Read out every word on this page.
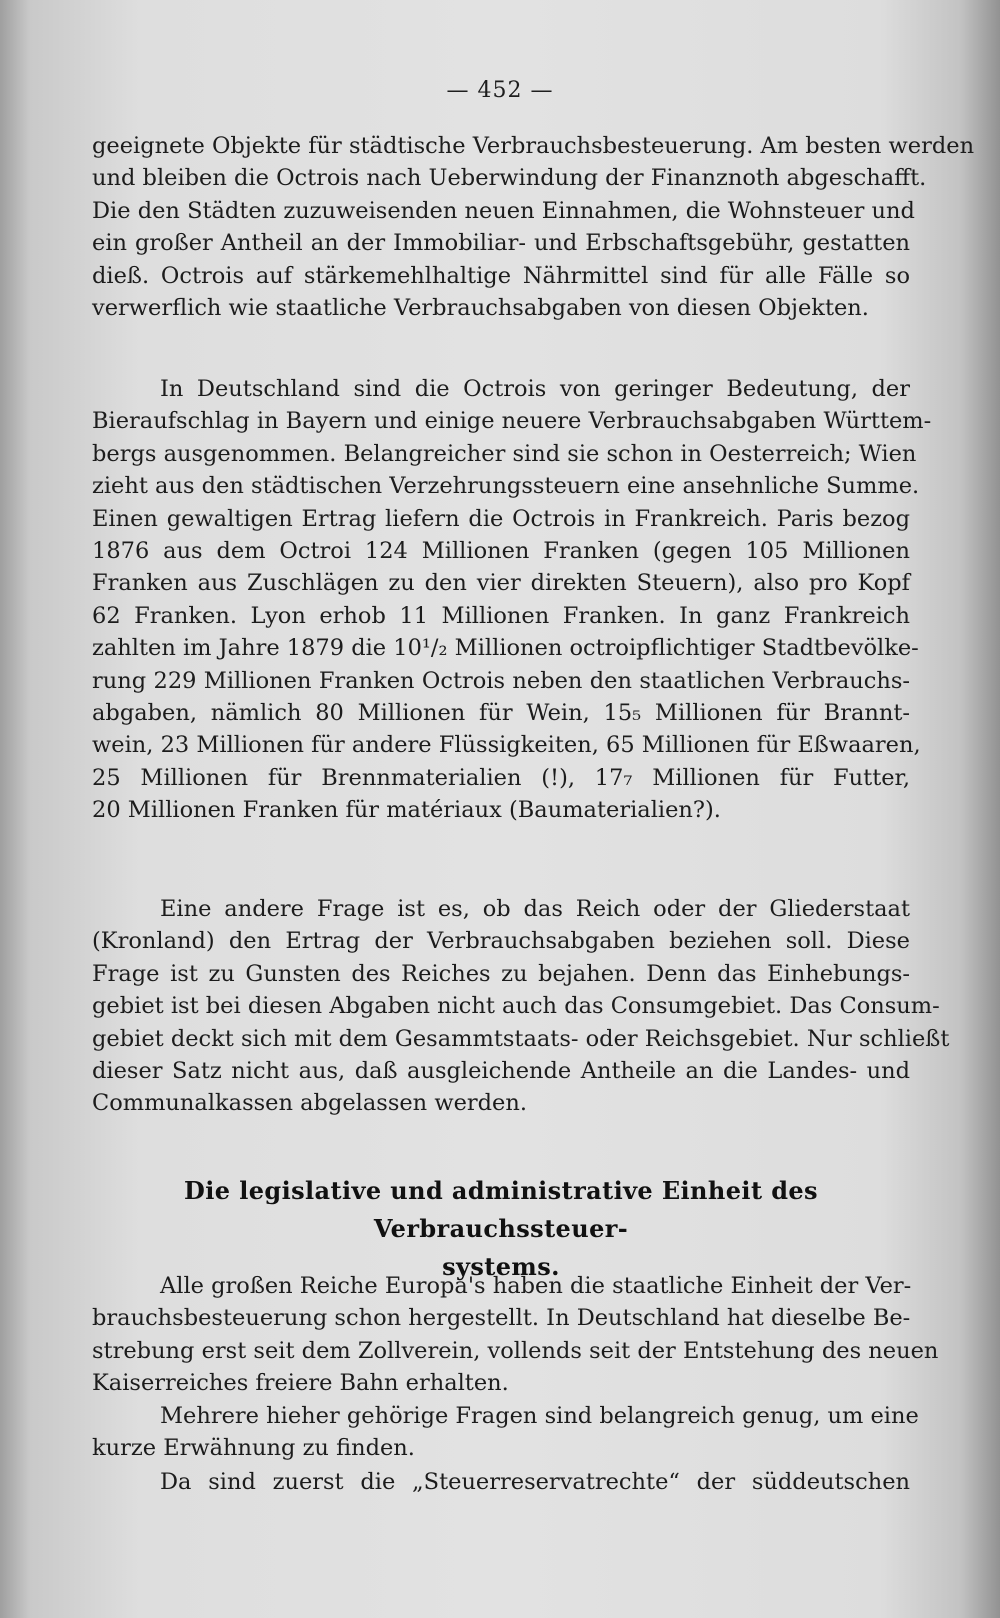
— 452 —
geeignete Objekte für städtische Verbrauchsbesteuerung. Am besten werden
und bleiben die Octrois nach Ueberwindung der Finanznoth abgeschafft.
Die den Städten zuzuweisenden neuen Einnahmen, die Wohnsteuer und
ein großer Antheil an der Immobiliar- und Erbschaftsgebühr, gestatten
dieß. Octrois auf stärkemehlhaltige Nährmittel sind für alle Fälle so
verwerflich wie staatliche Verbrauchsabgaben von diesen Objekten.
In Deutschland sind die Octrois von geringer Bedeutung, der
Bieraufschlag in Bayern und einige neuere Verbrauchsabgaben Württem-
bergs ausgenommen. Belangreicher sind sie schon in Oesterreich; Wien
zieht aus den städtischen Verzehrungssteuern eine ansehnliche Summe.
Einen gewaltigen Ertrag liefern die Octrois in Frankreich. Paris bezog
1876 aus dem Octroi 124 Millionen Franken (gegen 105 Millionen
Franken aus Zuschlägen zu den vier direkten Steuern), also pro Kopf
62 Franken. Lyon erhob 11 Millionen Franken. In ganz Frankreich
zahlten im Jahre 1879 die 10¹/₂ Millionen octroipflichtiger Stadtbevölke-
rung 229 Millionen Franken Octrois neben den staatlichen Verbrauchs-
abgaben, nämlich 80 Millionen für Wein, 15₅ Millionen für Brannt-
wein, 23 Millionen für andere Flüssigkeiten, 65 Millionen für Eßwaaren,
25 Millionen für Brennmaterialien (!), 17₇ Millionen für Futter,
20 Millionen Franken für matériaux (Baumaterialien?).
Eine andere Frage ist es, ob das Reich oder der Gliederstaat
(Kronland) den Ertrag der Verbrauchsabgaben beziehen soll. Diese
Frage ist zu Gunsten des Reiches zu bejahen. Denn das Einhebungs-
gebiet ist bei diesen Abgaben nicht auch das Consumgebiet. Das Consum-
gebiet deckt sich mit dem Gesammtstaats- oder Reichsgebiet. Nur schließt
dieser Satz nicht aus, daß ausgleichende Antheile an die Landes- und
Communalkassen abgelassen werden.
Die legislative und administrative Einheit des Verbrauchssteuer-
systems.
Alle großen Reiche Europa's haben die staatliche Einheit der Ver-
brauchsbesteuerung schon hergestellt. In Deutschland hat dieselbe Be-
strebung erst seit dem Zollverein, vollends seit der Entstehung des neuen
Kaiserreiches freiere Bahn erhalten.
Mehrere hieher gehörige Fragen sind belangreich genug, um eine
kurze Erwähnung zu finden.
Da sind zuerst die „Steuerreservatrechte“ der süddeutschen
